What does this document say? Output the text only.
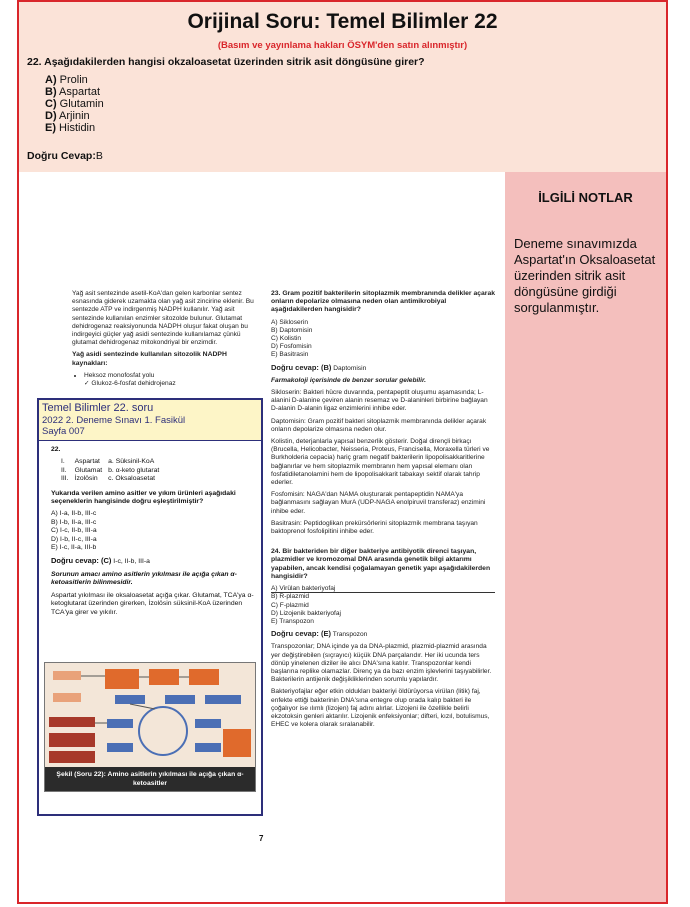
Orijinal Soru: Temel Bilimler 22
(Basım ve yayınlama hakları ÖSYM'den satın alınmıştır)
22. Aşağıdakilerden hangisi okzaloasetat üzerinden sitrik asit döngüsüne girer?
A) Prolin
B) Aspartat
C) Glutamin
D) Arjinin
E) Histidin
Doğru Cevap:B
İLGİLİ NOTLAR
Deneme sınavımızda Aspartat'ın Oksaloasetat üzerinden sitrik asit döngüsüne girdiği sorgulanmıştır.

Yağ asit sentezinde asetil-KoA'dan gelen karbonlar sentez esnasında giderek uzamakta olan yağ asit zincirine eklenir. Bu sentezde ATP ve indirgenmiş NADPH kullanılır. Yağ asit sentezinde kullanılan enzimler sitozolde bulunur. Glutamat dehidrogenaz reaksiyonunda NADPH oluşur fakat oluşan bu indirgeyici güçler yağ asidi sentezinde kullanılamaz çünkü glutamat dehidrogenaz mitokondriyal bir enzimdir.

Yağ asidi sentezinde kullanılan sitozolik NADPH kaynakları:

• Heksoz monofosfat yolu
✓ Glukoz-6-fosfat dehidrojenaz

23. Gram pozitif bakterilerin sitoplazmik membranında delikler açarak onların depolarize olmasına neden olan antimikrobiyal aşağıdakilerden hangisidir?

A) Sikloserin
B) Daptomisin
C) Kolistin
D) Fosfomisin
E) Basitrasin

Doğru cevap: (B) Daptomisin

Farmakoloji içerisinde de benzer sorular gelebilir.

Sikloserin: Bakteri hücre duvarında, pentapeptit oluşumu aşamasında; L-alanini D-alanine çeviren alanin resemaz ve D-alaninleri birbirine bağlayan D-alanin D-alanin ligaz enzimlerini inhibe eder.

Daptomisin: Gram pozitif bakteri sitoplazmik membranında delikler açarak onların depolarize olmasına neden olur.

Kolistin, deterjanlarla yapısal benzerlik gösterir. Doğal dirençli birkaçı (Brucella, Helicobacter, Neisseria, Proteus, Francisella, Moraxella türleri ve Burkholderia cepacia) hariç gram negatif bakterilerin lipopolisakkaritlerine bağlanırlar ve hem sitoplazmik membranın hem yapısal elemanı olan fosfatidiletanolamini hem de lipopolisakkarit tabakayı sektif olarak tahrip ederler.

Fosfomisin: NAGA'dan NAMA oluşturarak pentapeptidin NAMA'ya bağlanmasını sağlayan MurA (UDP-NAGA enolpiruvil transferaz) enzimini inhibe eder.

Basitrasin: Peptidoglikan prekürsörlerini sitoplazmik membrana taşıyan baktoprenol fosfolipitini inhibe eder.

24. Bir bakteriden bir diğer bakteriye antibiyotik direnci taşıyan, plazmidler ve kromozomal DNA arasında genetik bilgi aktarımı yapabilen, ancak kendisi çoğalamayan genetik yapı aşağıdakilerden hangisidir?

A) Virülan bakteriyofaj
B) R-plazmid
C) F-plazmid
D) Lizojenik bakteriyofaj
E) Transpozon

Doğru cevap: (E) Transpozon

Transpozonlar; DNA içinde ya da DNA-plazmid, plazmid-plazmid arasında yer değiştirebilen (sıçrayıcı) küçük DNA parçalarıdır. Her iki ucunda ters dönüp yinelenen diziler ile alıcı DNA'sına katılır. Transpozonlar kendi başlarına replike olamazlar. Direnç ya da bazı enzim işlevlerini taşıyabilirler. Bakterilerin antijenik değişikliklerinden sorumlu yapılardır.

Bakteriyofajlar eğer etkin oldukları bakteriyi öldürüyorsa virülan (litik) faj, enfekte ettiği bakterinin DNA'sına entegre olup orada kalıp bakteri ile çoğalıyor ise ılımlı (lizojen) faj adını alırlar. Lizojeni ile özellikle belirli ekzotoksin genleri aktarılır. Lizojenik enfeksiyonlar; difteri, kızıl, botulismus, EHEC ve kolera olarak sıralanabilir.

7
Temel Bilimler 22. soru
2022 2. Deneme Sınavı 1. Fasikül
Sayfa 007

22.

I.	Aspartat	a. Süksinil-KoA
II.	Glutamat	b. α-keto glutarat
III.	İzolösin	c. Oksaloasetat

Yukarıda verilen amino asitler ve yıkım ürünleri aşağıdaki seçeneklerin hangisinde doğru eşleştirilmiştir?

A) I-a, II-b, III-c
B) I-b, II-a, III-c
C) I-c, II-b, III-a
D) I-b, II-c, III-a
E) I-c, II-a, III-b

Doğru cevap: (C) I-c, II-b, III-a

Sorunun amacı amino asitlerin yıkılması ile açığa çıkan α-ketoasitlerin bilinmesidir.

Aspartat yıkılması ile oksaloasetat açığa çıkar. Glutamat, TCA'ya α-ketoglutarat üzerinden girerken, İzolösin süksinil-KoA üzerinden TCA'ya girer ve yıkılır.

Şekil (Soru 22): Amino asitlerin yıkılması ile açığa çıkan α-ketoasitler
